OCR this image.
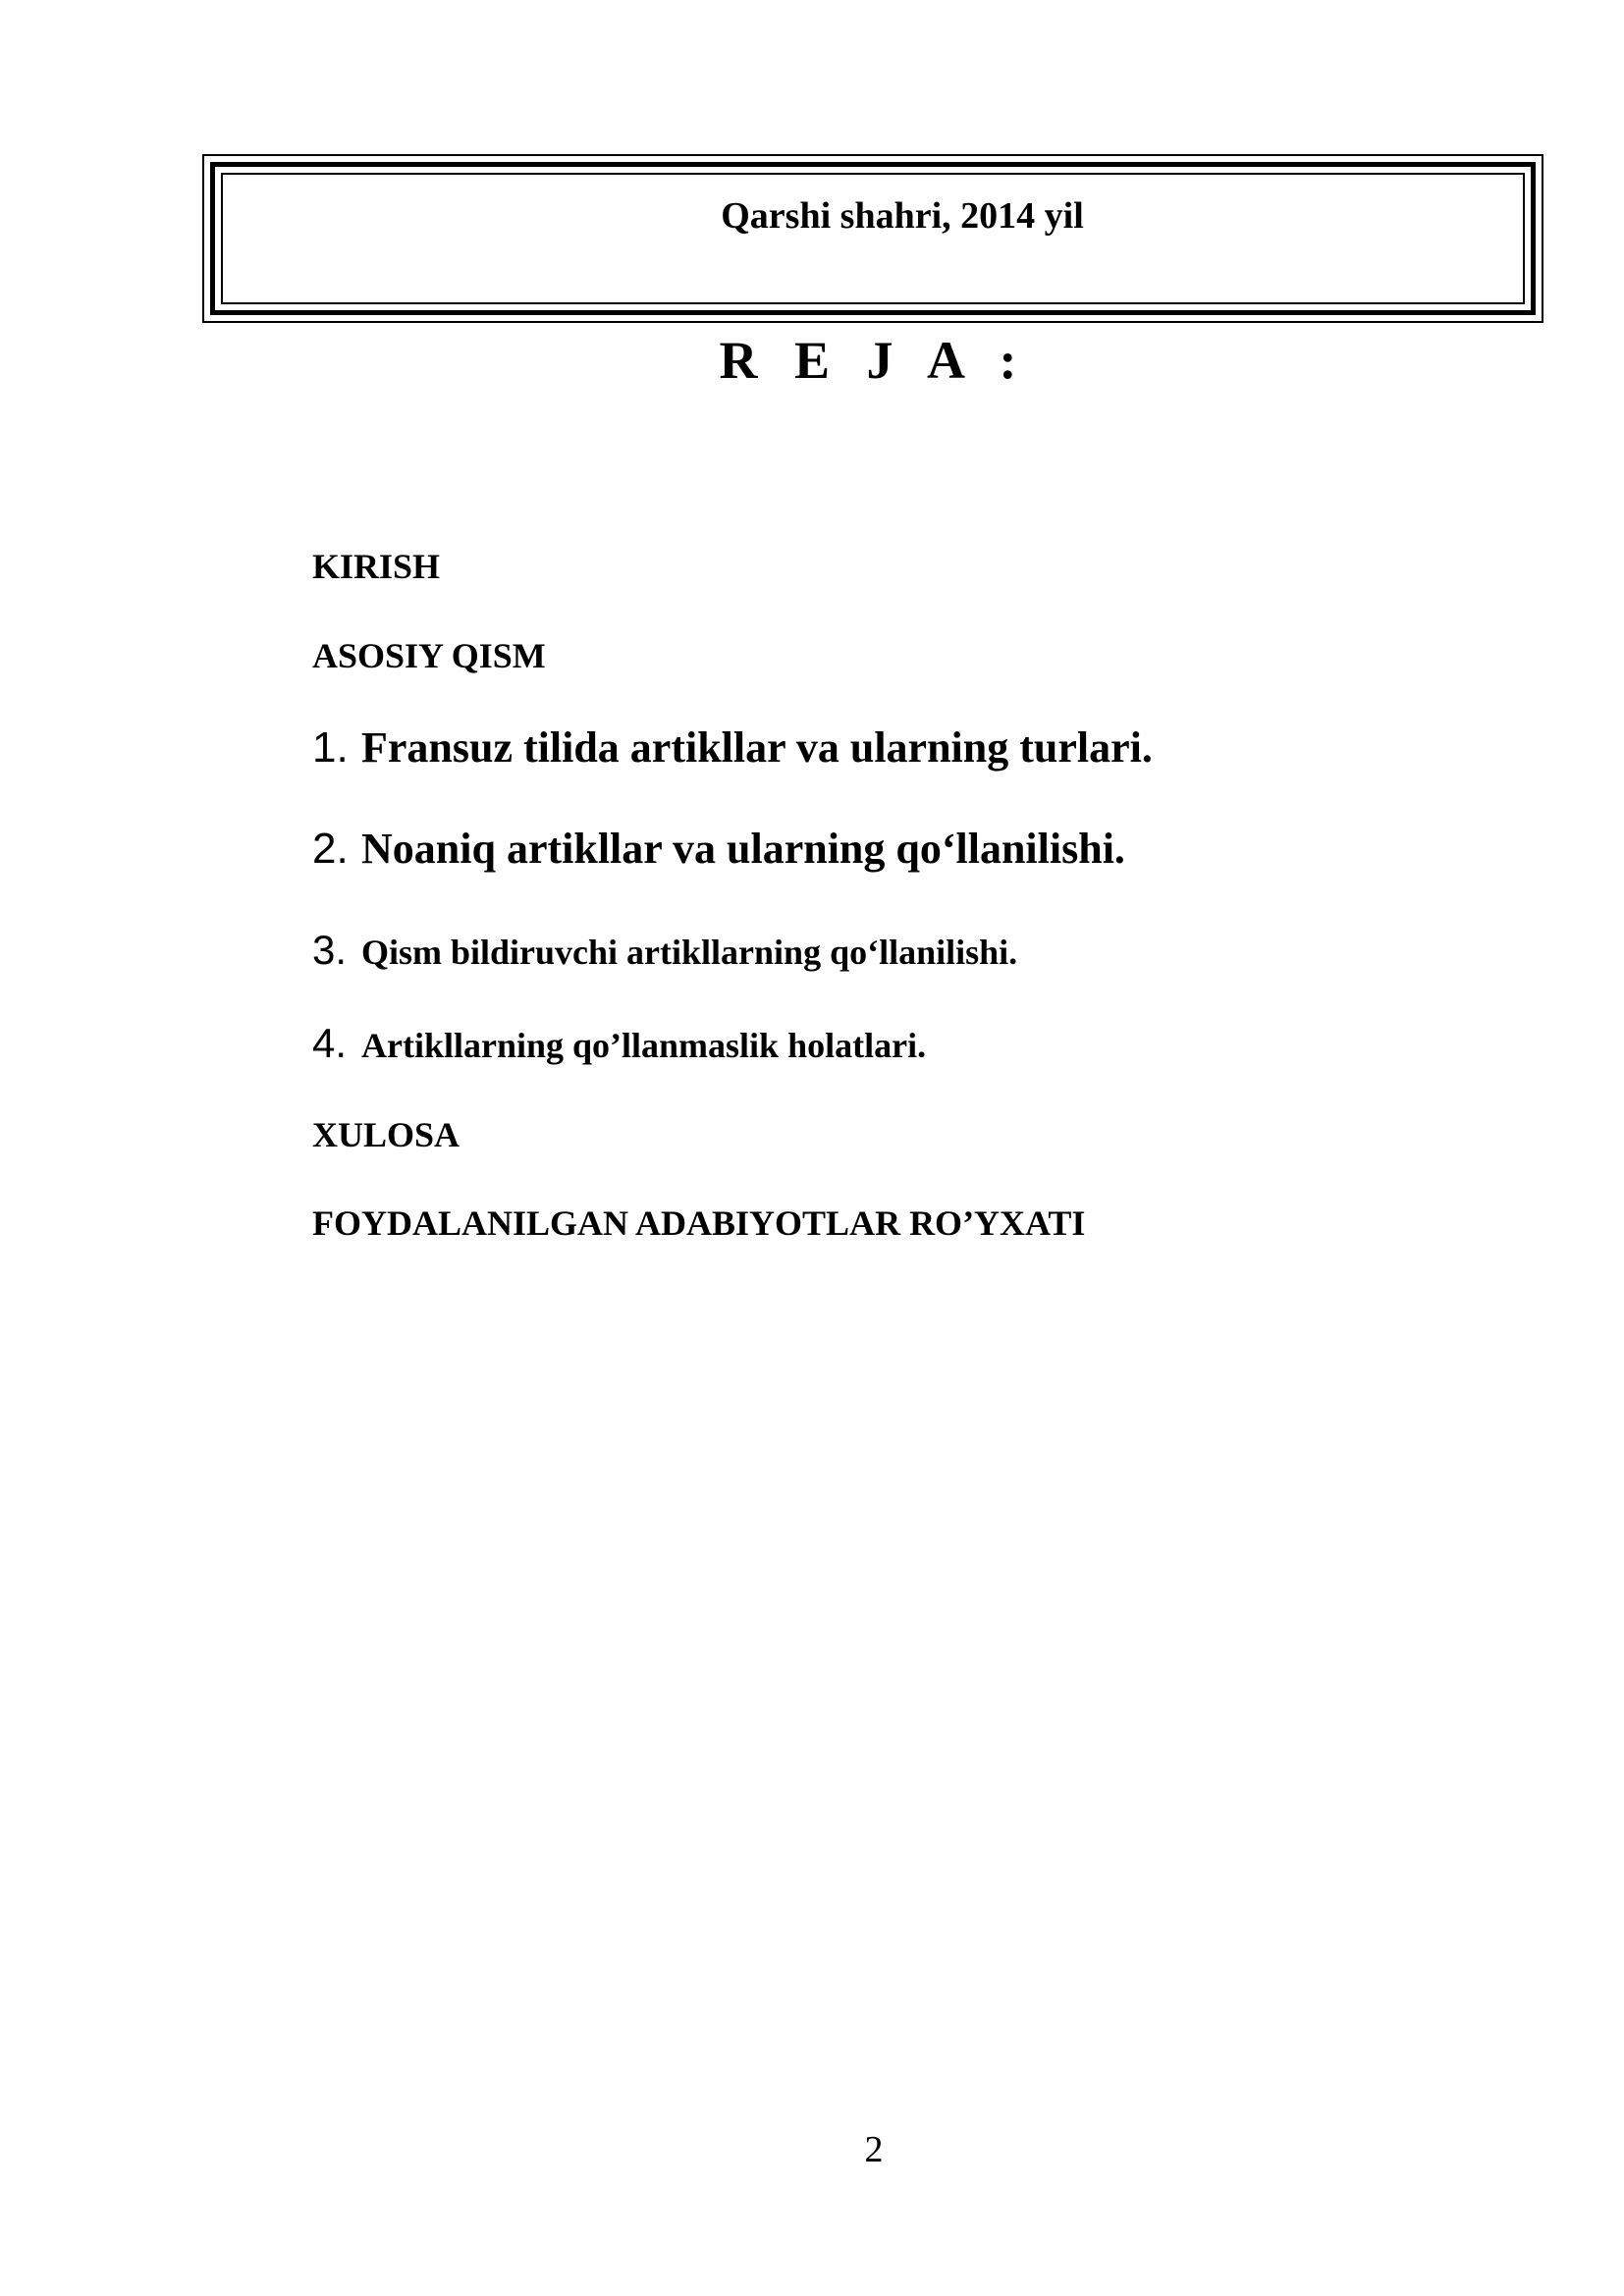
Qarshi shahri, 2014 yil
R E J A :
KIRISH
ASOSIY QISM
1. Fransuz tilida artikllar va ularning turlari.
2. Noaniq artikllar va ularning qo‘llanilishi.
3. Qism bildiruvchi artikllarning qo‘llanilishi.
4. Artikllarning qo’llanmaslik holatlari.
XULOSA
FOYDALANILGAN ADABIYOTLAR RO’YXATI
2
